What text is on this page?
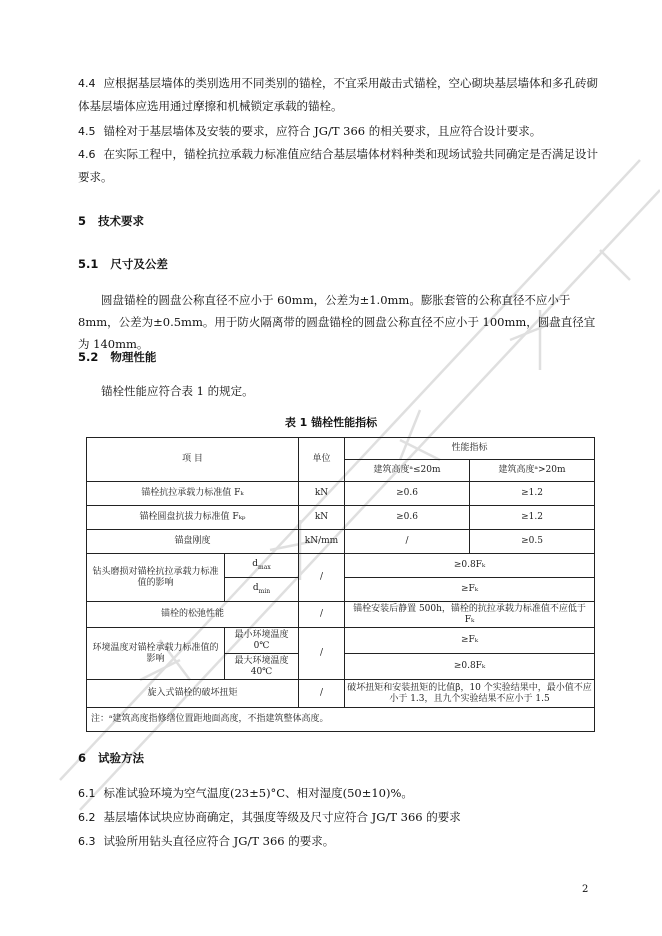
4.4 应根据基层墙体的类别选用不同类别的锚栓，不宜采用敲击式锚栓，空心砌块基层墙体和多孔砖砌体基层墙体应选用通过摩擦和机械锁定承载的锚栓。
4.5 锚栓对于基层墙体及安装的要求，应符合 JG/T 366 的相关要求，且应符合设计要求。
4.6 在实际工程中，锚栓抗拉承载力标准值应结合基层墙体材料种类和现场试验共同确定是否满足设计要求。
5 技术要求
5.1 尺寸及公差
圆盘锚栓的圆盘公称直径不应小于 60mm，公差为±1.0mm。膨胀套管的公称直径不应小于 8mm，公差为±0.5mm。用于防火隔离带的圆盘锚栓的圆盘公称直径不应小于 100mm，圆盘直径宜为 140mm。
5.2 物理性能
锚栓性能应符合表 1 的规定。
表 1 锚栓性能指标
项 目		单位	性能指标	
			建筑高度ᵃ≤20m	建筑高度ᵃ>20m
锚栓抗拉承载力标准值 Fₖ		kN	≥0.6	≥1.2
锚栓圆盘抗拔力标准值 Fₖₚ		kN	≥0.6	≥1.2
锚盘刚度		kN/mm	/	≥0.5
钻头磨损对锚栓抗拉承载力标准值的影响	$d_{max}$	/	≥0.8Fₖ	
	$d_{min}$		≥Fₖ	
锚栓的松弛性能		/	锚栓安装后静置 500h，锚栓的抗拉承载力标准值不应低于 Fₖ	
环境温度对锚栓承载力标准值的影响	最小环境温度0℃	/	≥Fₖ	
	最大环境温度40℃		≥0.8Fₖ	
旋入式锚栓的破坏扭矩		/	破坏扭矩和安装扭矩的比值β，10 个实验结果中，最小值不应小于 1.3，且九个实验结果不应小于 1.5	
注：ᵃ建筑高度指修缮位置距地面高度，不指建筑整体高度。				
6 试验方法
6.1 标准试验环境为空气温度(23±5)°C、相对湿度(50±10)%。
6.2 基层墙体试块应协商确定，其强度等级及尺寸应符合 JG/T 366 的要求
6.3 试验所用钻头直径应符合 JG/T 366 的要求。
2
